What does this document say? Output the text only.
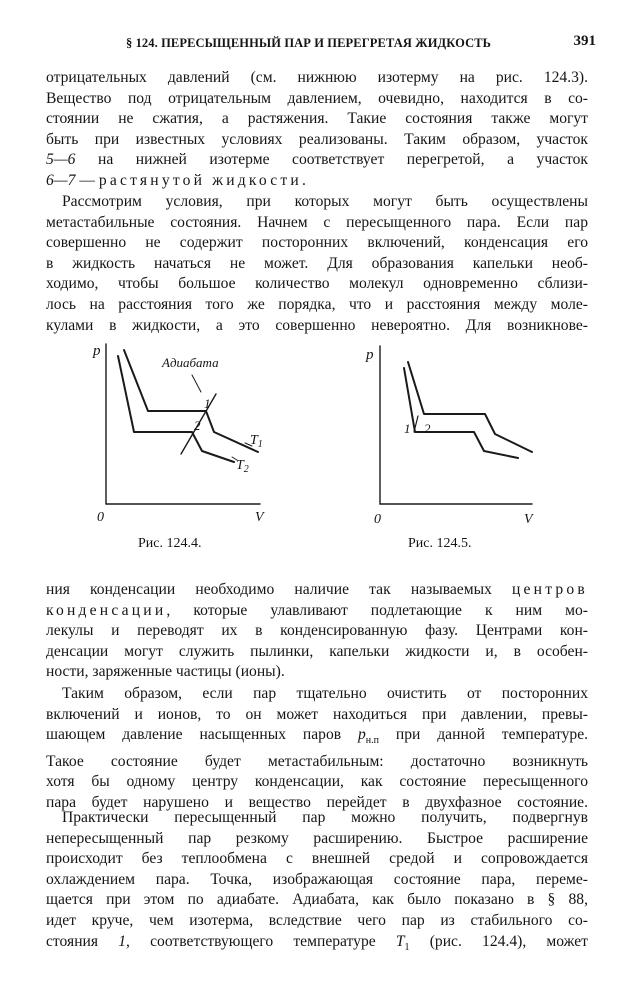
§ 124. ПЕРЕСЫЩЕННЫЙ ПАР И ПЕРЕГРЕТАЯ ЖИДКОСТЬ	391
отрицательных давлений (см. нижнюю изотерму на рис. 124.3).
Вещество под отрицательным давлением, очевидно, находится в со-
стоянии не сжатия, а растяжения. Такие состояния также могут
быть при известных условиях реализованы. Таким образом, участок
5—6 на нижней изотерме соответствует перегретой, а участок
6—7 — растянутой жидкости.
Рассмотрим условия, при которых могут быть осуществлены
метастабильные состояния. Начнем с пересыщенного пара. Если пар
совершенно не содержит посторонних включений, конденсация его
в жидкость начаться не может. Для образования капельки необ-
ходимо, чтобы большое количество молекул одновременно сблизи-
лось на расстояния того же порядка, что и расстояния между моле-
кулами в жидкости, а это совершенно невероятно. Для возникнове-
p
V
0
Адиабата
1
2
$T_1$
$T_2$
Рис. 124.4.
p
V
0
1 2
Рис. 124.5.
ния конденсации необходимо наличие так называемых центров
конденсации, которые улавливают подлетающие к ним мо-
лекулы и переводят их в конденсированную фазу. Центрами кон-
денсации могут служить пылинки, капельки жидкости и, в особен-
ности, заряженные частицы (ионы).
Таким образом, если пар тщательно очистить от посторонних
включений и ионов, то он может находиться при давлении, превы-
шающем давление насыщенных паров $p_{н.п}$ при данной температуре.
Такое состояние будет метастабильным: достаточно возникнуть
хотя бы одному центру конденсации, как состояние пересыщенного
пара будет нарушено и вещество перейдет в двухфазное состояние.
Практически пересыщенный пар можно получить, подвергнув
непересыщенный пар резкому расширению. Быстрое расширение
происходит без теплообмена с внешней средой и сопровождается
охлаждением пара. Точка, изображающая состояние пара, переме-
щается при этом по адиабате. Адиабата, как было показано в § 88,
идет круче, чем изотерма, вследствие чего пар из стабильного со-
стояния 1, соответствующего температуре $T_1$ (рис. 124.4), может
